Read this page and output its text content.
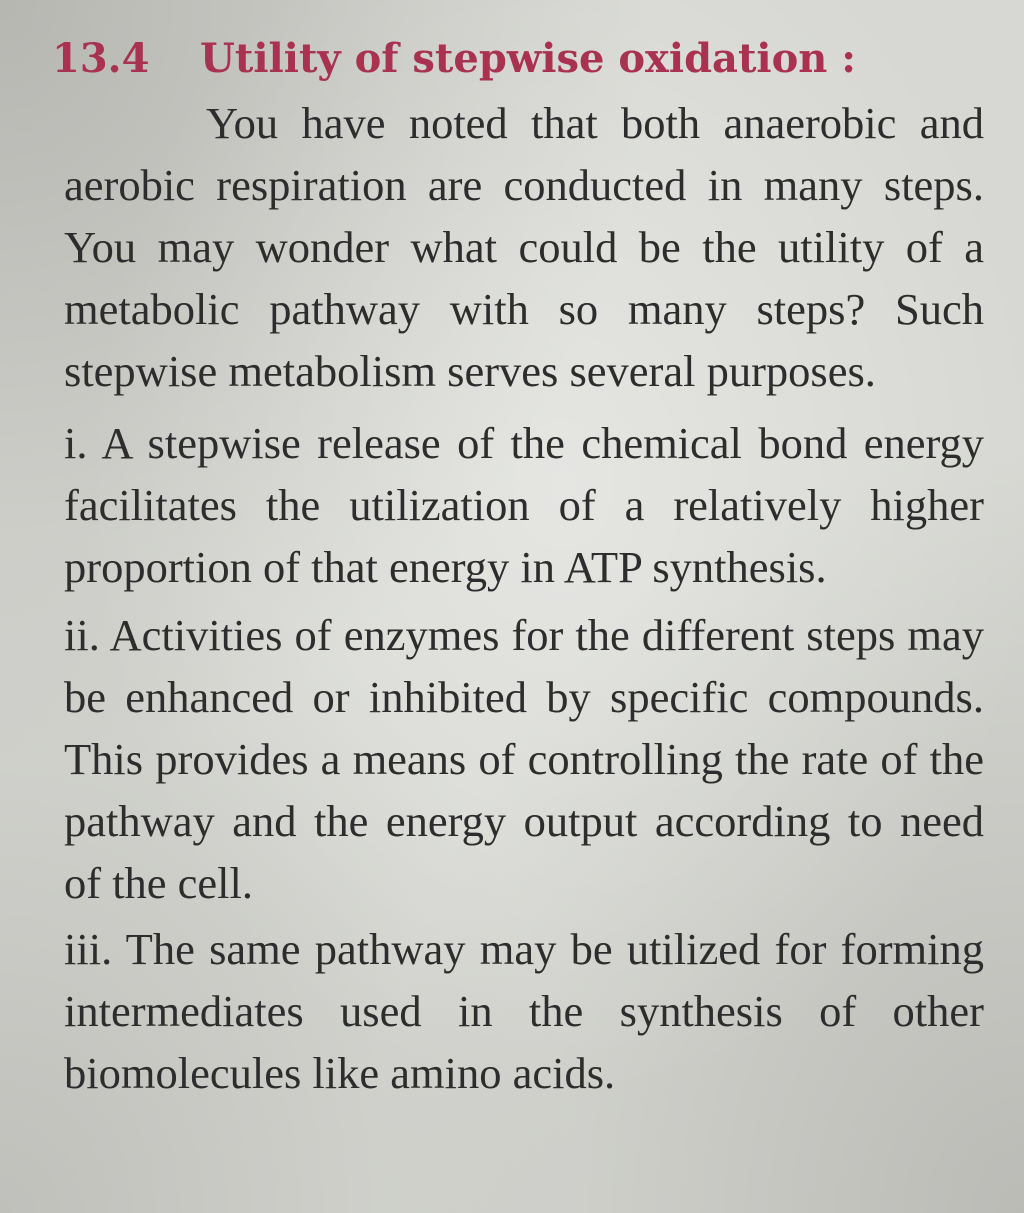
13.4 Utility of stepwise oxidation :

You have noted that both anaerobic and aerobic respiration are conducted in many steps. You may wonder what could be the utility of a metabolic pathway with so many steps? Such stepwise metabolism serves several purposes.

i. A stepwise release of the chemical bond energy facilitates the utilization of a relatively higher proportion of that energy in ATP synthesis.

ii. Activities of enzymes for the different steps may be enhanced or inhibited by specific compounds. This provides a means of controlling the rate of the pathway and the energy output according to need of the cell.

iii. The same pathway may be utilized for forming intermediates used in the synthesis of other biomolecules like amino acids.
